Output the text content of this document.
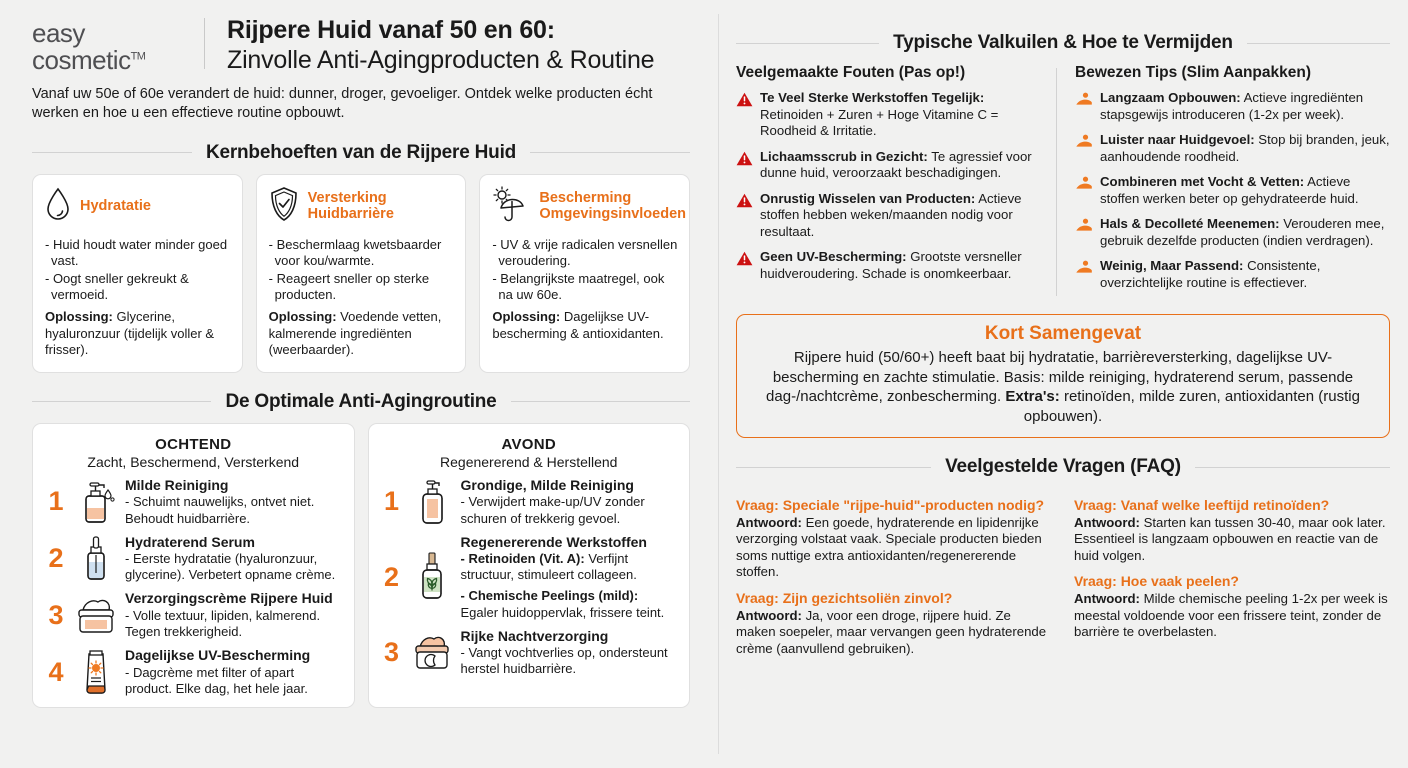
easy
cosmetic™
Rijpere Huid vanaf 50 en 60:
Zinvolle Anti-Agingproducten & Routine
Vanaf uw 50e of 60e verandert de huid: dunner, droger, gevoeliger. Ontdek welke producten écht werken en hoe u een effectieve routine opbouwt.
Kernbehoeften van de Rijpere Huid
Hydratatie

- Huid houdt water minder goed vast.

- Oogt sneller gekreukt & vermoeid.

Oplossing: Glycerine, hyaluronzuur (tijdelijk voller & frisser).

Versterking Huidbarrière

- Beschermlaag kwetsbaarder voor kou/warmte.

- Reageert sneller op sterke producten.

Oplossing: Voedende vetten, kalmerende ingrediënten (weerbaarder).

Bescherming Omgevingsinvloeden

- UV & vrije radicalen versnellen veroudering.

- Belangrijkste maatregel, ook na uw 60e.

Oplossing: Dagelijkse UV-bescherming & antioxidanten.

De Optimale Anti-Agingroutine
OCHTEND
Zacht, Beschermend, Versterkend
1
Milde Reiniging
- Schuimt nauwelijks, ontvet niet. Behoudt huidbarrière.
2
Hydraterend Serum
- Eerste hydratatie (hyaluronzuur, glycerine). Verbetert opname crème.
3
Verzorgingscrème Rijpere Huid
- Volle textuur, lipiden, kalmerend. Tegen trekkerigheid.
4
Dagelijkse UV-Bescherming
- Dagcrème met filter of apart product. Elke dag, het hele jaar.
AVOND
Regenererend & Herstellend
1
Grondige, Milde Reiniging
- Verwijdert make-up/UV zonder schuren of trekkerig gevoel.
2
Regenererende Werkstoffen
- Retinoiden (Vit. A): Verfijnt structuur, stimuleert collageen.
- Chemische Peelings (mild): Egaler huidoppervlak, frissere teint.
3
Rijke Nachtverzorging
- Vangt vochtverlies op, ondersteunt herstel huidbarrière.
Typische Valkuilen & Hoe te Vermijden
Veelgemaakte Fouten (Pas op!)
Te Veel Sterke Werkstoffen Tegelijk: Retinoiden + Zuren + Hoge Vitamine C = Roodheid & Irritatie.
Lichaamsscrub in Gezicht: Te agressief voor dunne huid, veroorzaakt beschadigingen.
Onrustig Wisselen van Producten: Actieve stoffen hebben weken/maanden nodig voor resultaat.
Geen UV-Bescherming: Grootste versneller huidveroudering. Schade is onomkeerbaar.
Bewezen Tips (Slim Aanpakken)
Langzaam Opbouwen: Actieve ingrediënten stapsgewijs introduceren (1-2x per week).
Luister naar Huidgevoel: Stop bij branden, jeuk, aanhoudende roodheid.
Combineren met Vocht & Vetten: Actieve stoffen werken beter op gehydrateerde huid.
Hals & Decolleté Meenemen: Verouderen mee, gebruik dezelfde producten (indien verdragen).
Weinig, Maar Passend: Consistente, overzichtelijke routine is effectiever.
Kort Samengevat

Rijpere huid (50/60+) heeft baat bij hydratatie, barrièreversterking, dagelijkse UV-bescherming en zachte stimulatie. Basis: milde reiniging, hydraterend serum, passende dag-/nachtcrème, zonbescherming. Extra's: retinoïden, milde zuren, antioxidanten (rustig opbouwen).

Veelgestelde Vragen (FAQ)
Vraag: Speciale "rijpe-huid"-producten nodig?
Antwoord: Een goede, hydraterende en lipidenrijke verzorging volstaat vaak. Speciale producten bieden soms nuttige extra antioxidanten/regenererende stoffen.
Vraag: Zijn gezichtsoliën zinvol?
Antwoord: Ja, voor een droge, rijpere huid. Ze maken soepeler, maar vervangen geen hydraterende crème (aanvullend gebruiken).
Vraag: Vanaf welke leeftijd retinoïden?
Antwoord: Starten kan tussen 30-40, maar ook later. Essentieel is langzaam opbouwen en reactie van de huid volgen.
Vraag: Hoe vaak peelen?
Antwoord: Milde chemische peeling 1-2x per week is meestal voldoende voor een frissere teint, zonder de barrière te overbelasten.
